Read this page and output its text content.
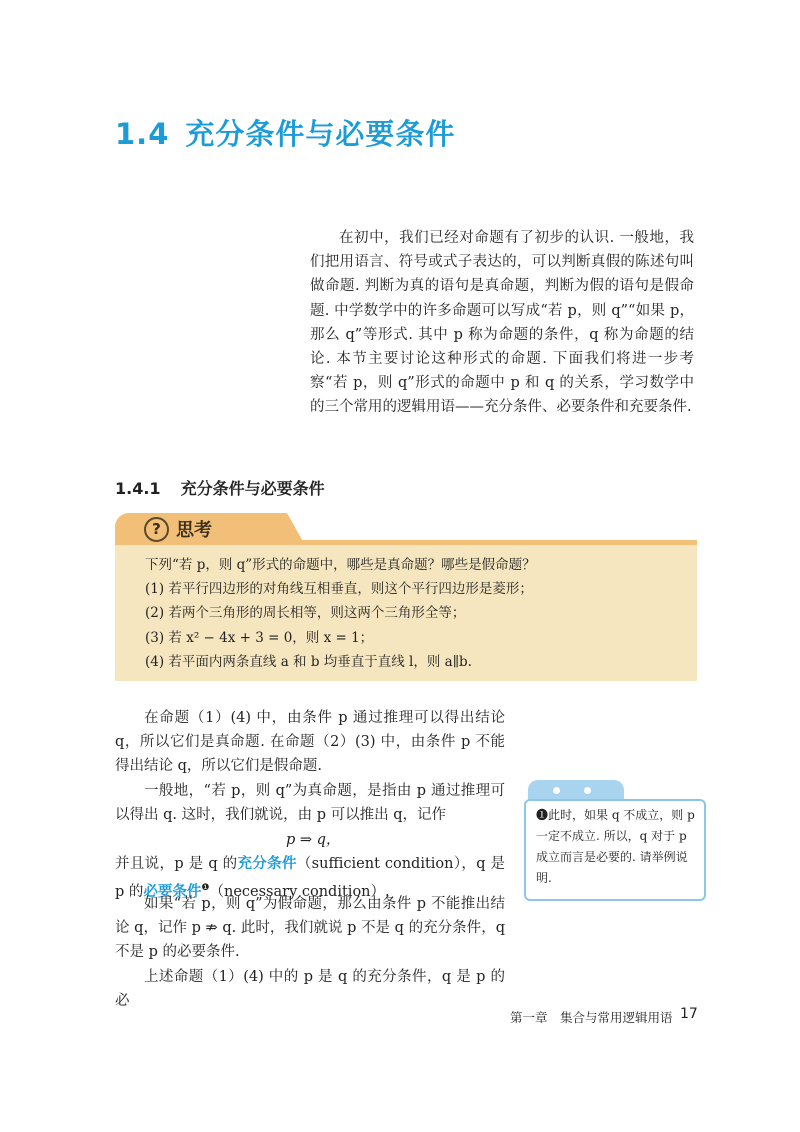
1.4 充分条件与必要条件

在初中，我们已经对命题有了初步的认识. 一般地，我们把用语言、符号或式子表达的，可以判断真假的陈述句叫做命题. 判断为真的语句是真命题，判断为假的语句是假命题. 中学数学中的许多命题可以写成“若 p，则 q”“如果 p，那么 q”等形式. 其中 p 称为命题的条件，q 称为命题的结论. 本节主要讨论这种形式的命题. 下面我们将进一步考察“若 p，则 q”形式的命题中 p 和 q 的关系，学习数学中的三个常用的逻辑用语——充分条件、必要条件和充要条件.

1.4.1 充分条件与必要条件
? 思考
下列“若 p，则 q”形式的命题中，哪些是真命题？哪些是假命题？
(1) 若平行四边形的对角线互相垂直，则这个平行四边形是菱形；
(2) 若两个三角形的周长相等，则这两个三角形全等；
(3) 若 x² − 4x + 3 = 0，则 x = 1；
(4) 若平面内两条直线 a 和 b 均垂直于直线 l，则 a∥b.

在命题（1）(4) 中，由条件 p 通过推理可以得出结论 q，所以它们是真命题. 在命题（2）(3) 中，由条件 p 不能得出结论 q，所以它们是假命题.

一般地，“若 p，则 q”为真命题，是指由 p 通过推理可以得出 q. 这时，我们就说，由 p 可以推出 q，记作

p ⇒ q，

并且说，p 是 q 的充分条件（sufficient condition），q 是 p 的必要条件$^❶$（necessary condition）.

如果“若 p，则 q”为假命题，那么由条件 p 不能推出结论 q，记作 p ⇏ q. 此时，我们就说 p 不是 q 的充分条件，q 不是 p 的必要条件.

上述命题（1）(4) 中的 p 是 q 的充分条件，q 是 p 的必

❶此时，如果 q 不成立，则 p 一定不成立. 所以，q 对于 p 成立而言是必要的. 请举例说明.

第一章　集合与常用逻辑用语 17
